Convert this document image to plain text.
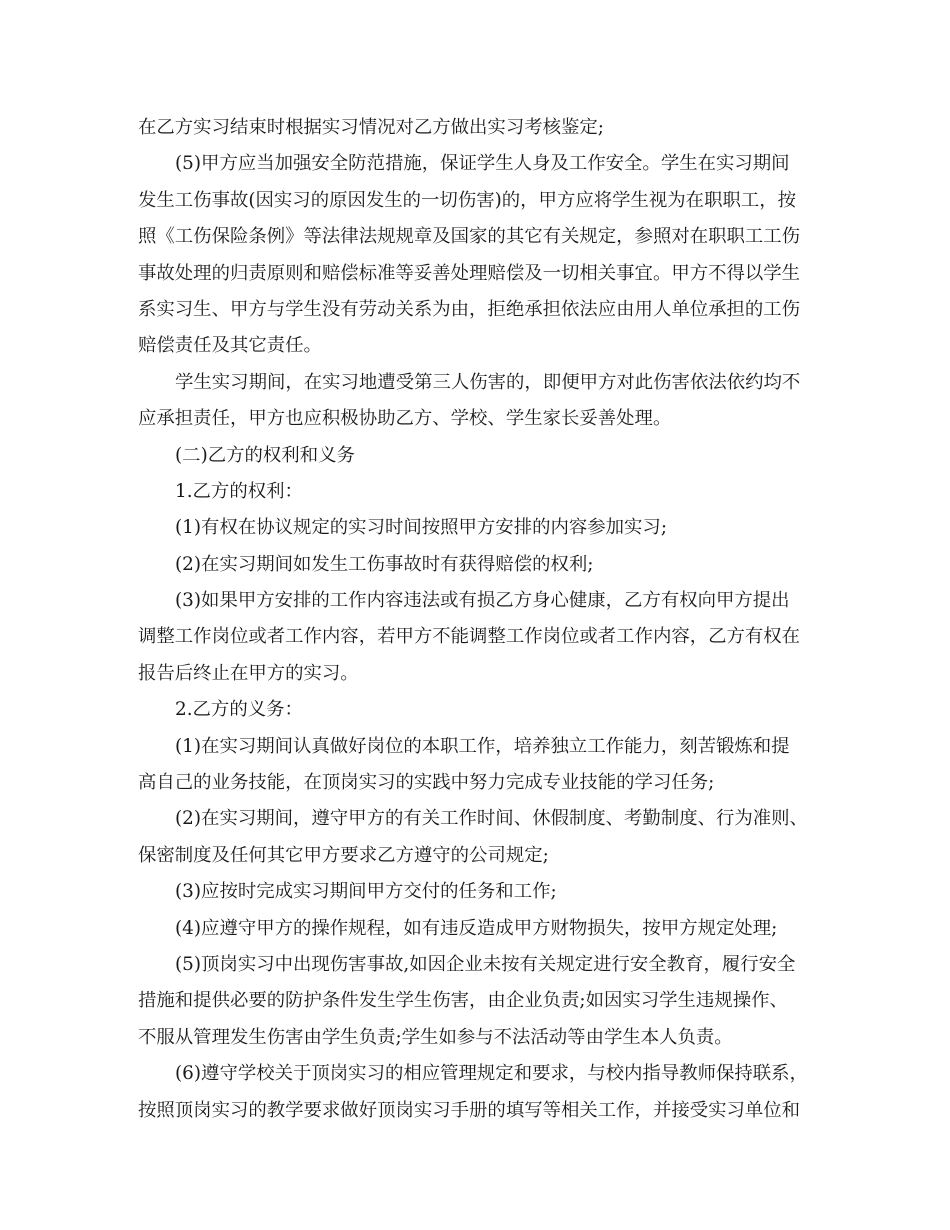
在乙方实习结束时根据实习情况对乙方做出实习考核鉴定;

(5)甲方应当加强安全防范措施，保证学生人身及工作安全。学生在实习期间

发生工伤事故(因实习的原因发生的一切伤害)的，甲方应将学生视为在职职工，按

照《工伤保险条例》等法律法规规章及国家的其它有关规定，参照对在职职工工伤

事故处理的归责原则和赔偿标准等妥善处理赔偿及一切相关事宜。甲方不得以学生

系实习生、甲方与学生没有劳动关系为由，拒绝承担依法应由用人单位承担的工伤

赔偿责任及其它责任。

学生实习期间，在实习地遭受第三人伤害的，即便甲方对此伤害依法依约均不

应承担责任，甲方也应积极协助乙方、学校、学生家长妥善处理。

(二)乙方的权利和义务

1.乙方的权利：

(1)有权在协议规定的实习时间按照甲方安排的内容参加实习;

(2)在实习期间如发生工伤事故时有获得赔偿的权利;

(3)如果甲方安排的工作内容违法或有损乙方身心健康，乙方有权向甲方提出

调整工作岗位或者工作内容，若甲方不能调整工作岗位或者工作内容，乙方有权在

报告后终止在甲方的实习。

2.乙方的义务：

(1)在实习期间认真做好岗位的本职工作，培养独立工作能力，刻苦锻炼和提

高自己的业务技能，在顶岗实习的实践中努力完成专业技能的学习任务;

(2)在实习期间，遵守甲方的有关工作时间、休假制度、考勤制度、行为准则、

保密制度及任何其它甲方要求乙方遵守的公司规定;

(3)应按时完成实习期间甲方交付的任务和工作;

(4)应遵守甲方的操作规程，如有违反造成甲方财物损失，按甲方规定处理;

(5)顶岗实习中出现伤害事故,如因企业未按有关规定进行安全教育，履行安全

措施和提供必要的防护条件发生学生伤害，由企业负责;如因实习学生违规操作、

不服从管理发生伤害由学生负责;学生如参与不法活动等由学生本人负责。

(6)遵守学校关于顶岗实习的相应管理规定和要求，与校内指导教师保持联系，

按照顶岗实习的教学要求做好顶岗实习手册的填写等相关工作，并接受实习单位和
